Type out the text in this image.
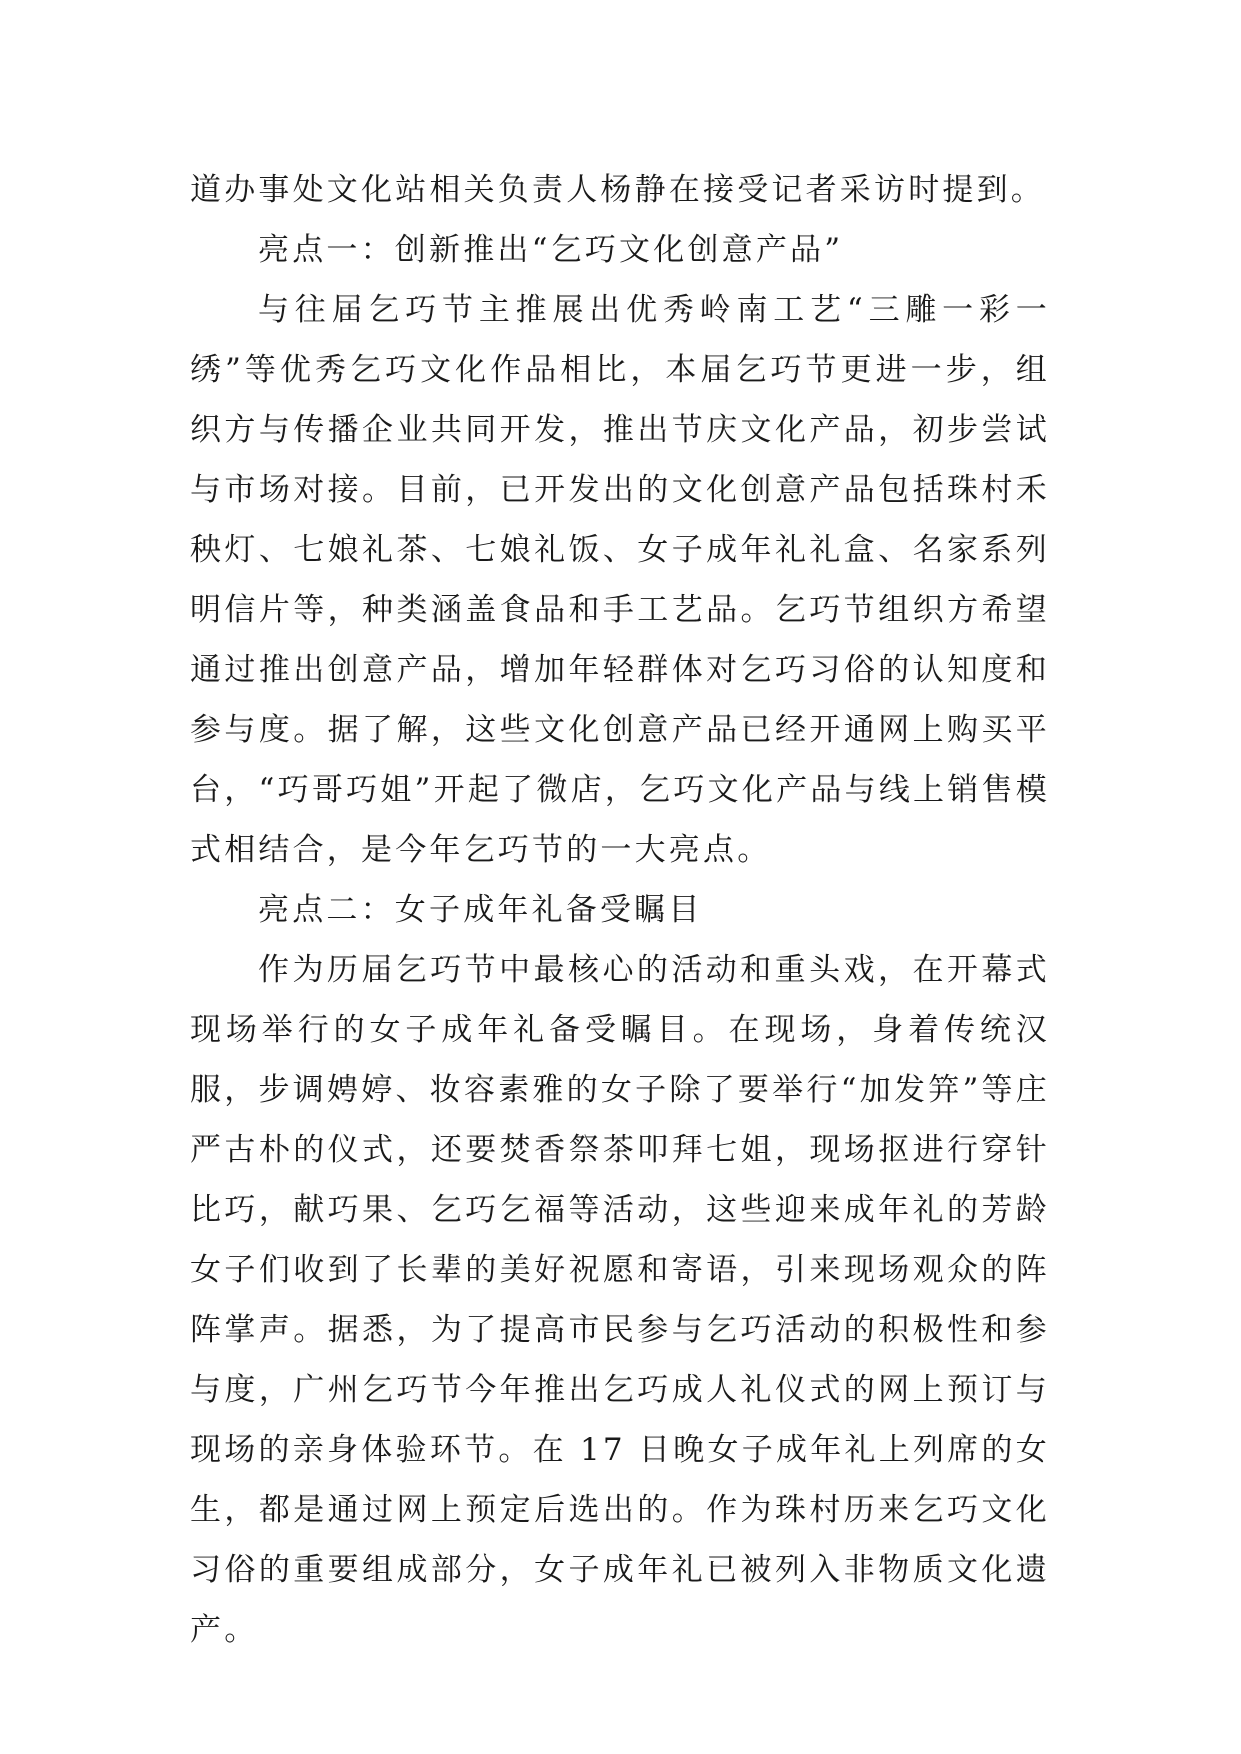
道办事处文化站相关负责人杨静在接受记者采访时提到。

亮点一：创新推出“乞巧文化创意产品”

与往届乞巧节主推展出优秀岭南工艺“三雕一彩一绣”等优秀乞巧文化作品相比，本届乞巧节更进一步，组织方与传播企业共同开发，推出节庆文化产品，初步尝试与市场对接。目前，已开发出的文化创意产品包括珠村禾秧灯、七娘礼茶、七娘礼饭、女子成年礼礼盒、名家系列明信片等，种类涵盖食品和手工艺品。乞巧节组织方希望通过推出创意产品，增加年轻群体对乞巧习俗的认知度和参与度。据了解，这些文化创意产品已经开通网上购买平台，“巧哥巧姐”开起了微店，乞巧文化产品与线上销售模式相结合，是今年乞巧节的一大亮点。

亮点二：女子成年礼备受瞩目

作为历届乞巧节中最核心的活动和重头戏，在开幕式现场举行的女子成年礼备受瞩目。在现场，身着传统汉服，步调娉婷、妆容素雅的女子除了要举行“加发笄”等庄严古朴的仪式，还要焚香祭茶叩拜七姐，现场抠进行穿针比巧，献巧果、乞巧乞福等活动，这些迎来成年礼的芳龄女子们收到了长辈的美好祝愿和寄语，引来现场观众的阵阵掌声。据悉，为了提高市民参与乞巧活动的积极性和参与度，广州乞巧节今年推出乞巧成人礼仪式的网上预订与现场的亲身体验环节。在 17 日晚女子成年礼上列席的女生，都是通过网上预定后选出的。作为珠村历来乞巧文化习俗的重要组成部分，女子成年礼已被列入非物质文化遗产。
